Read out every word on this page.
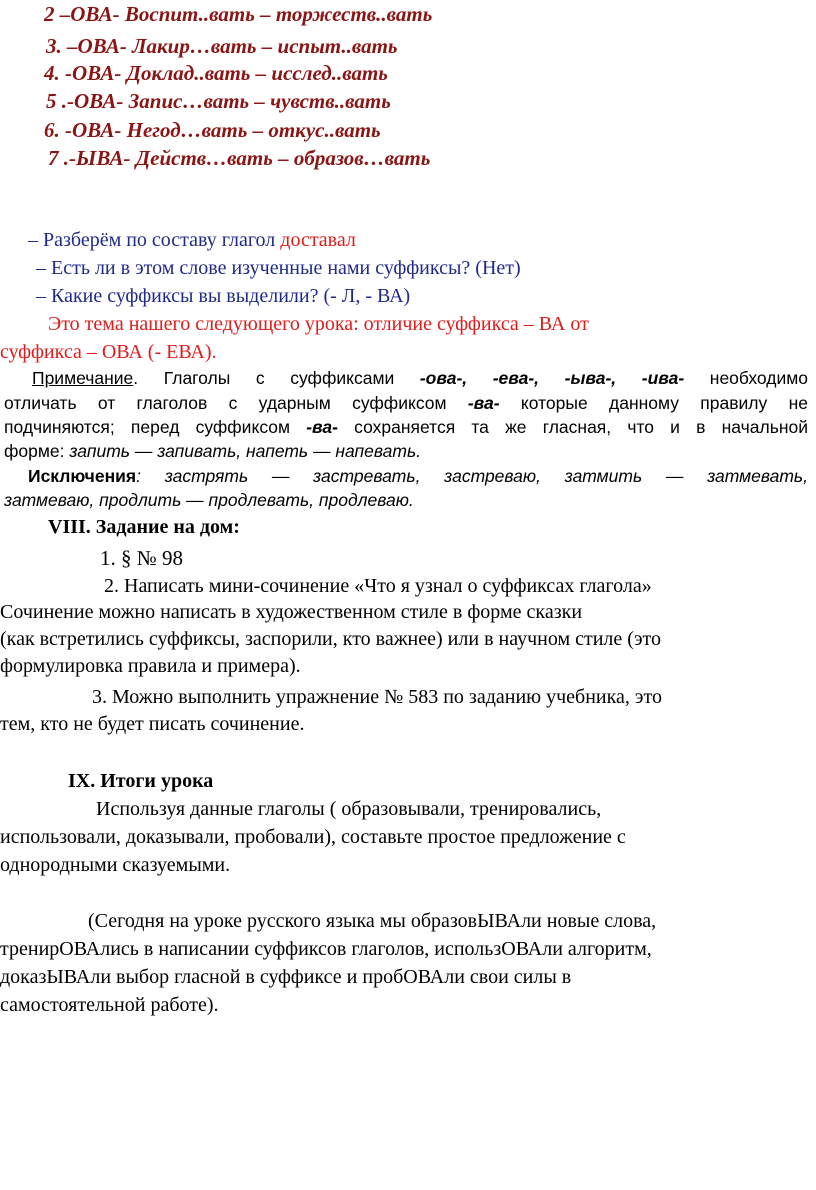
2 –ОВА- Воспит..вать – торжеств..вать
3. –ОВА- Лакир…вать – испыт..вать
4. -ОВА- Доклад..вать – исслед..вать
5 .-ОВА- Запис…вать – чувств..вать
6. -ОВА- Негод…вать – откус..вать
7 .-ЫВА- Действ…вать – образов…вать
– Разберём по составу глагол доставал
– Есть ли в этом слове изученные нами суффиксы? (Нет)
– Какие суффиксы вы выделили? (- Л, - ВА)
Это тема нашего следующего урока: отличие суффикса – ВА от
суффикса – ОВА (- ЕВА).
Примечание. Глаголы с суффиксами -ова-, -ева-, -ыва-, -ива- необходимо
отличать от глаголов с ударным суффиксом -ва- которые данному правилу не
подчиняются; перед суффиксом -ва- сохраняется та же гласная, что и в начальной
форме: запить — запивать, напеть — напевать.
Исключения: застрять — застревать, застреваю, затмить — затмевать,
затмеваю, продлить — продлевать, продлеваю.
VIII. Задание на дом:
1. § № 98
2. Написать мини-сочинение «Что я узнал о суффиксах глагола»
Сочинение можно написать в художественном стиле в форме сказки
(как встретились суффиксы, заспорили, кто важнее) или в научном стиле (это
формулировка правила и примера).
3. Можно выполнить упражнение № 583 по заданию учебника, это
тем, кто не будет писать сочинение.
IX. Итоги урока
Используя данные глаголы ( образовывали, тренировались,
использовали, доказывали, пробовали), составьте простое предложение с
однородными сказуемыми.
(Сегодня на уроке русского языка мы образовЫВАли новые слова,
тренирОВАлись в написании суффиксов глаголов, использОВАли алгоритм,
доказЫВАли выбор гласной в суффиксе и пробОВАли свои силы в
самостоятельной работе).
